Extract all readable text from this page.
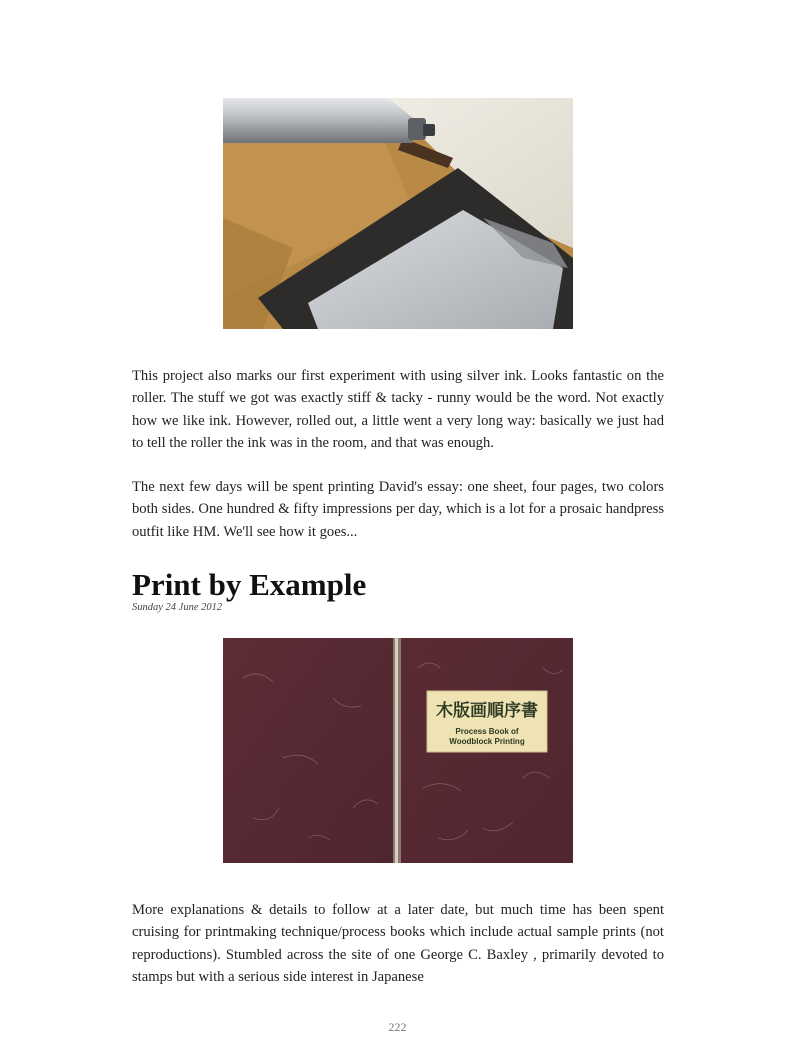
This project also marks our first experiment with using silver ink. Looks fantastic on the roller. The stuff we got was exactly stiff & tacky - runny would be the word. Not exactly how we like ink. However, rolled out, a little went a very long way: basically we just had to tell the roller the ink was in the room, and that was enough.

The next few days will be spent printing David's essay: one sheet, four pages, two colors both sides. One hundred & fifty impressions per day, which is a lot for a prosaic handpress outfit like HM. We'll see how it goes...

Print by Example
Sunday 24 June 2012
木版画順序書
Process Book of
Woodblock Printing

More explanations & details to follow at a later date, but much time has been spent cruising for printmaking technique/process books which include actual sample prints (not reproductions). Stumbled across the site of one George C. Baxley , primarily devoted to stamps but with a serious side interest in Japanese

222
